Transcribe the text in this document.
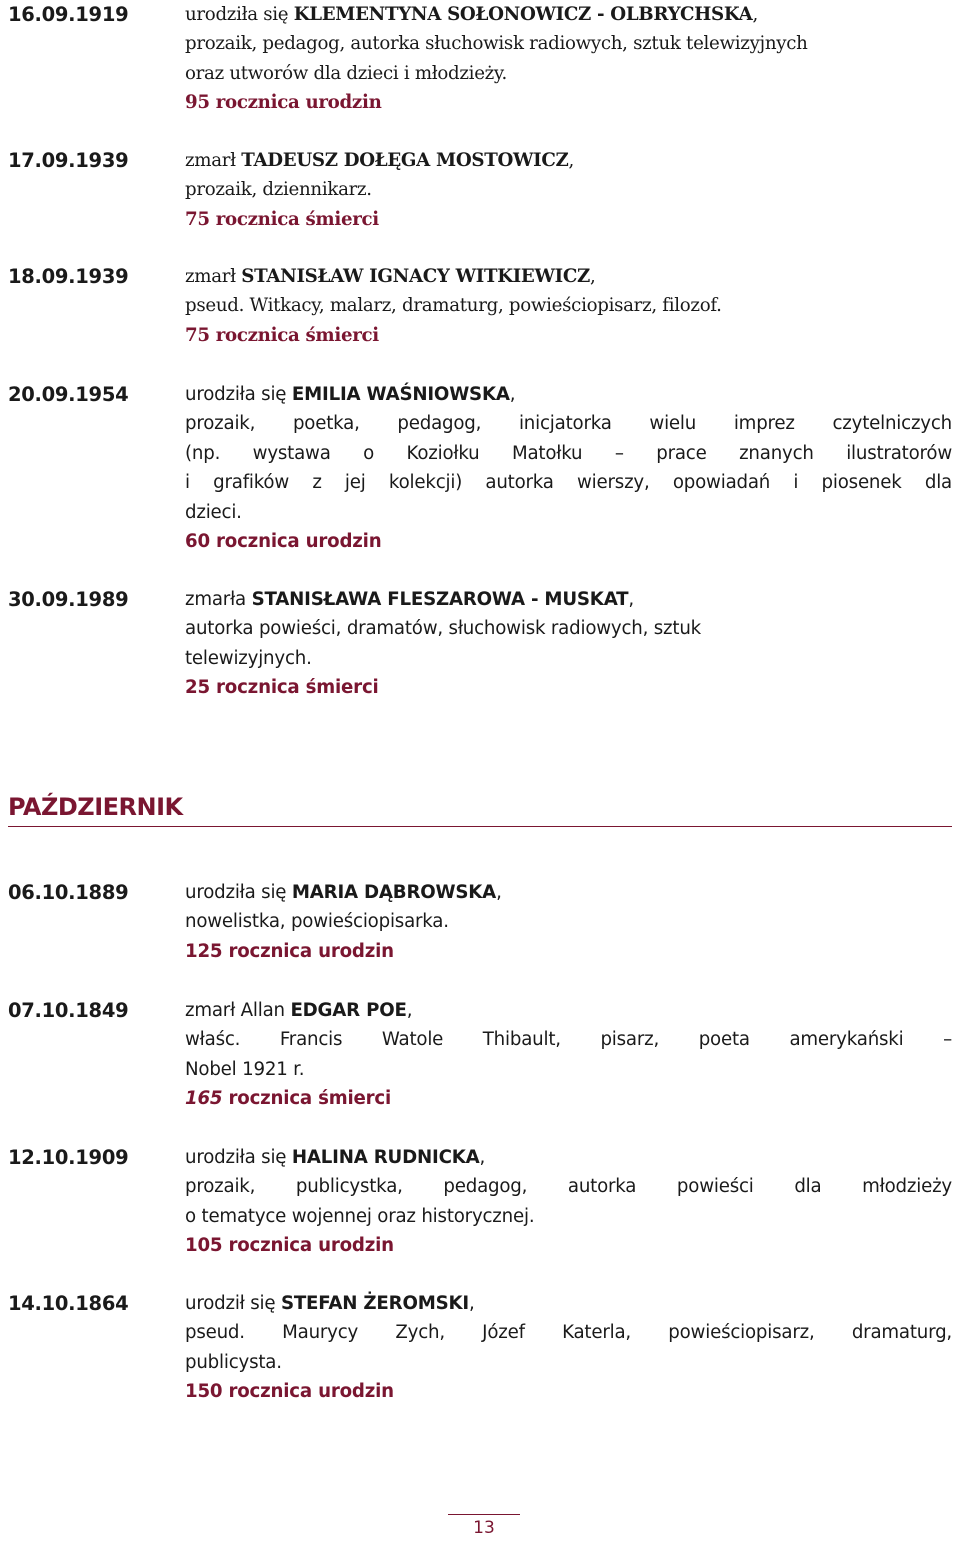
16.09.1919	urodziła się KLEMENTYNA SOŁONOWICZ - OLBRYCHSKA,
prozaik, pedagog, autorka słuchowisk radiowych, sztuk telewizyjnych
oraz utworów dla dzieci i młodzieży.
95 rocznica urodzin
17.09.1939	zmarł TADEUSZ DOŁĘGA MOSTOWICZ,
prozaik, dziennikarz.
75 rocznica śmierci
18.09.1939	zmarł STANISŁAW IGNACY WITKIEWICZ,
pseud. Witkacy, malarz, dramaturg, powieściopisarz, filozof.
75 rocznica śmierci
20.09.1954	urodziła się EMILIA WAŚNIOWSKA,
prozaik, poetka, pedagog, inicjatorka wielu imprez czytelniczych
(np. wystawa o Koziołku Matołku – prace znanych ilustratorów
i grafików z jej kolekcji) autorka wierszy, opowiadań i piosenek dla
dzieci.
60 rocznica urodzin
30.09.1989	zmarła STANISŁAWA FLESZAROWA - MUSKAT,
autorka powieści, dramatów, słuchowisk radiowych, sztuk
telewizyjnych.
25 rocznica śmierci
PAŹDZIERNIK
06.10.1889	urodziła się MARIA DĄBROWSKA,
nowelistka, powieściopisarka.
125 rocznica urodzin
07.10.1849	zmarł Allan EDGAR POE,
właśc. Francis Watole Thibault, pisarz, poeta amerykański –
Nobel 1921 r.
165 rocznica śmierci
12.10.1909	urodziła się HALINA RUDNICKA,
prozaik, publicystka, pedagog, autorka powieści dla młodzieży
o tematyce wojennej oraz historycznej.
105 rocznica urodzin
14.10.1864	urodził się STEFAN ŻEROMSKI,
pseud. Maurycy Zych, Józef Katerla, powieściopisarz, dramaturg,
publicysta.
150 rocznica urodzin
13
